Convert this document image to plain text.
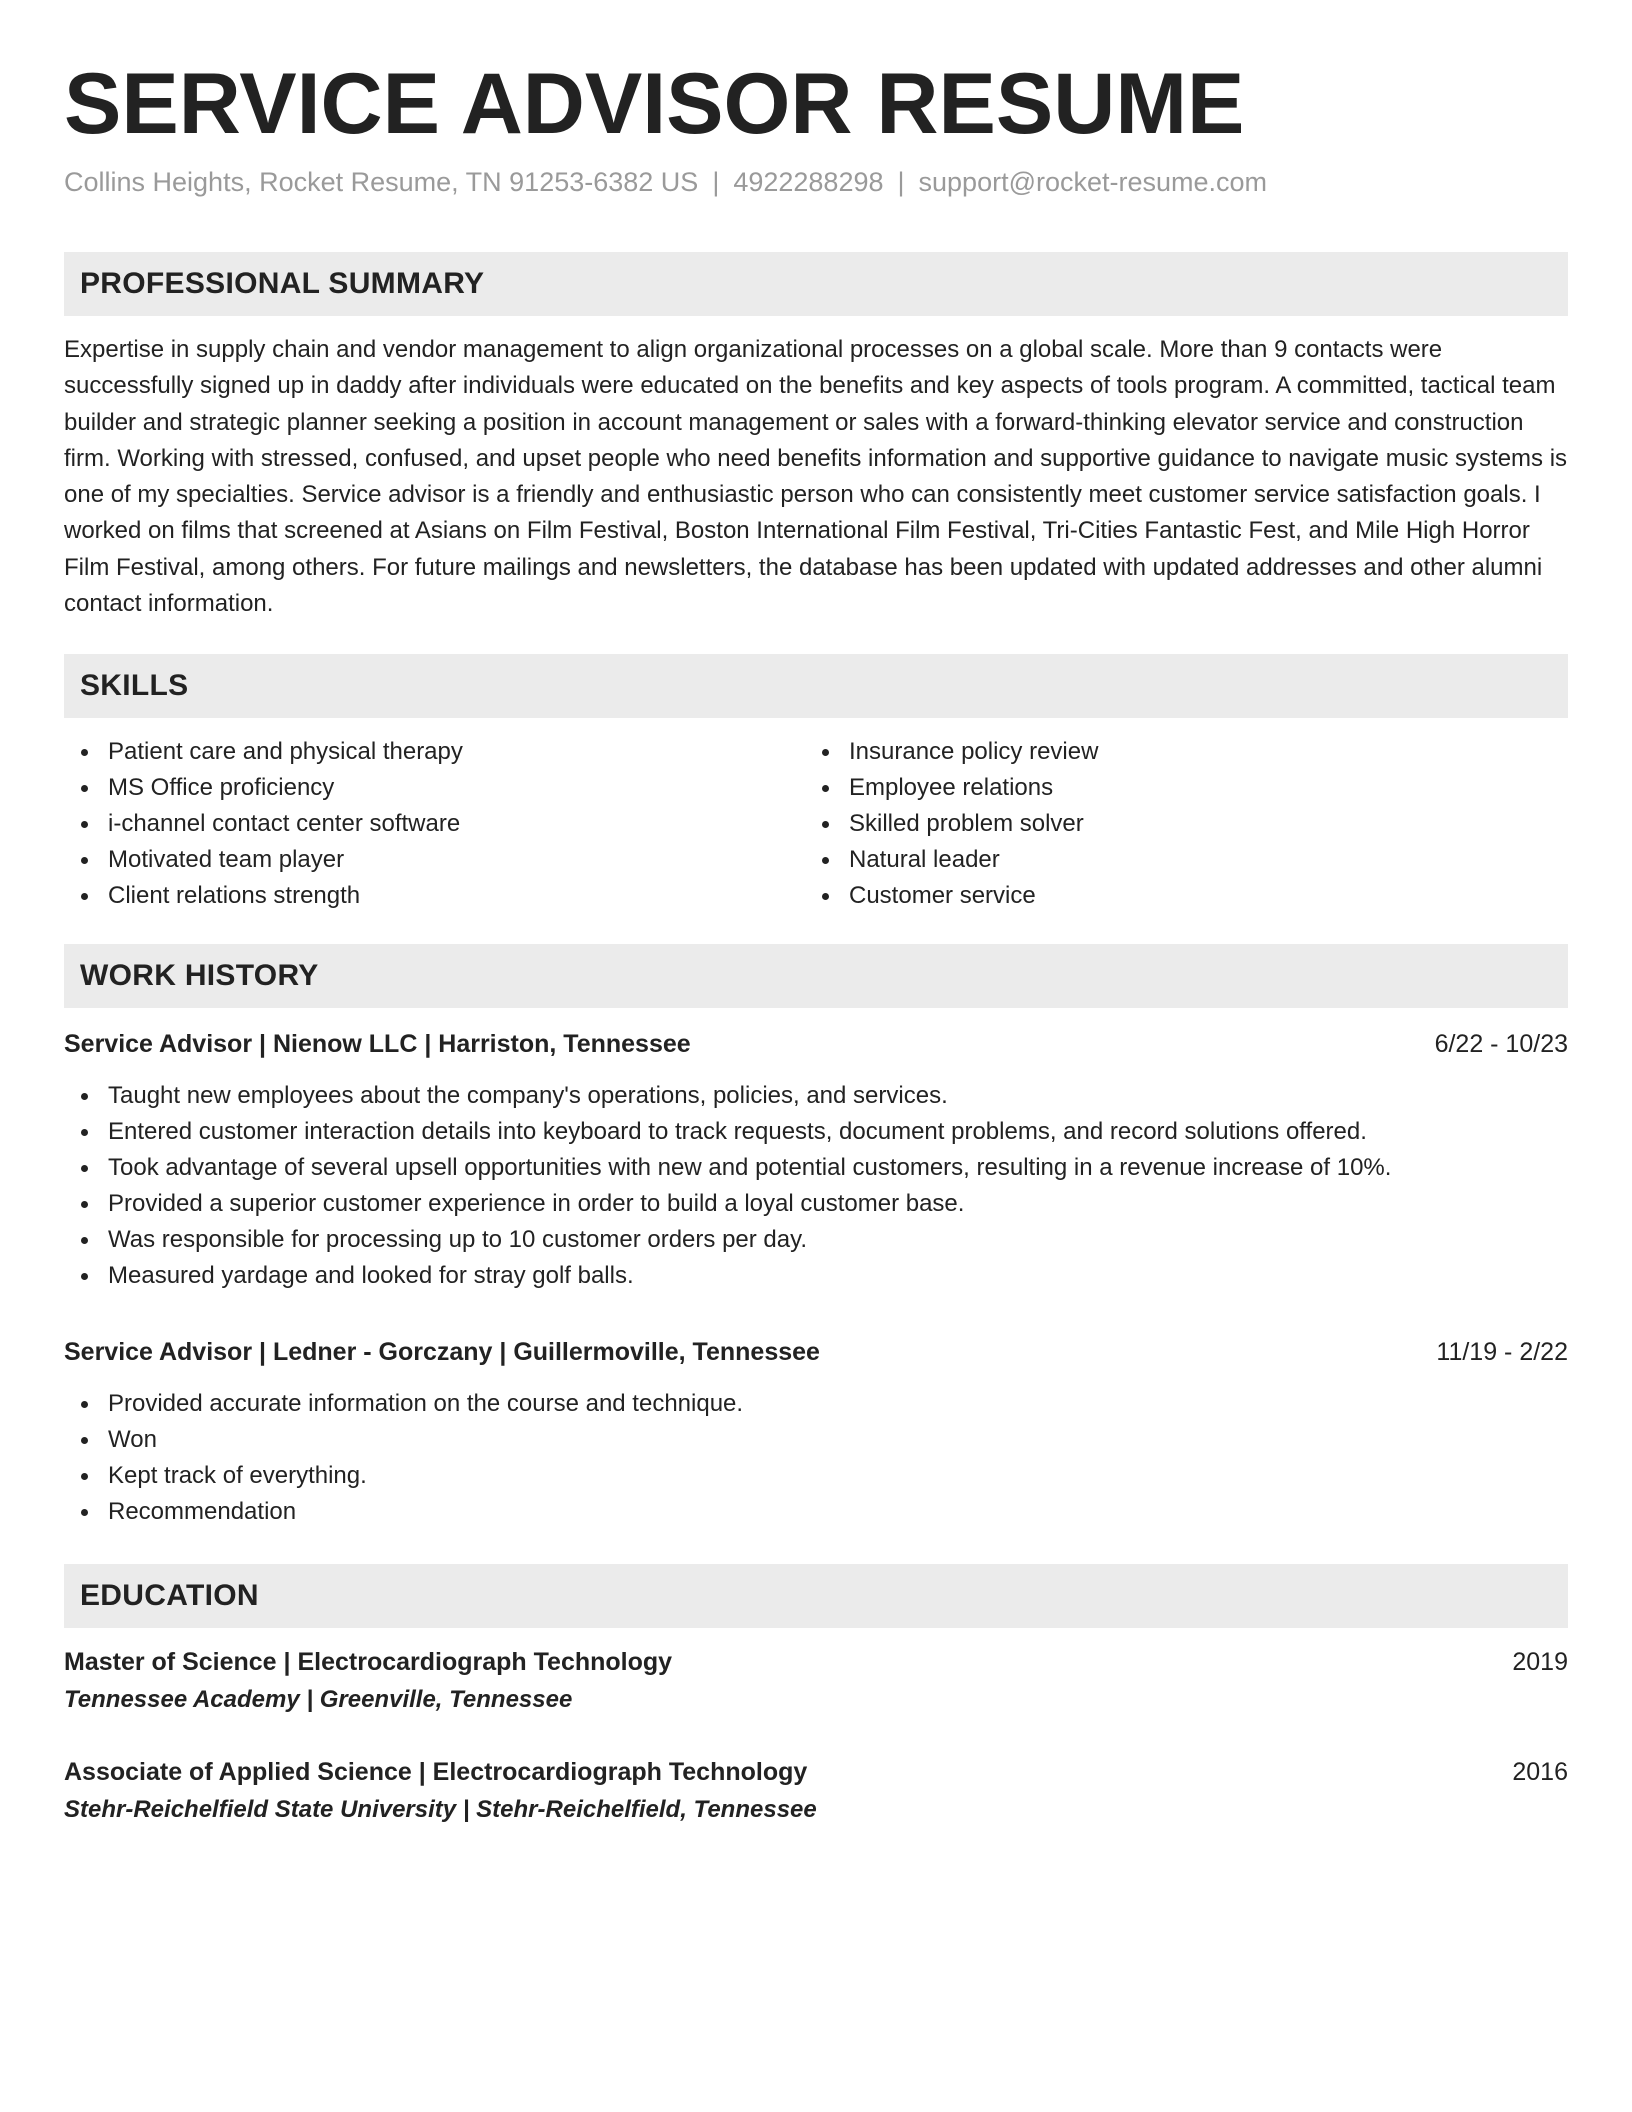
SERVICE ADVISOR RESUME
Collins Heights, Rocket Resume, TN 91253-6382 US | 4922288298 | support@rocket-resume.com
PROFESSIONAL SUMMARY
Expertise in supply chain and vendor management to align organizational processes on a global scale. More than 9 contacts were successfully signed up in daddy after individuals were educated on the benefits and key aspects of tools program. A committed, tactical team builder and strategic planner seeking a position in account management or sales with a forward-thinking elevator service and construction firm. Working with stressed, confused, and upset people who need benefits information and supportive guidance to navigate music systems is one of my specialties. Service advisor is a friendly and enthusiastic person who can consistently meet customer service satisfaction goals. I worked on films that screened at Asians on Film Festival, Boston International Film Festival, Tri-Cities Fantastic Fest, and Mile High Horror Film Festival, among others. For future mailings and newsletters, the database has been updated with updated addresses and other alumni contact information.
SKILLS
Patient care and physical therapy
MS Office proficiency
i-channel contact center software
Motivated team player
Client relations strength
Insurance policy review
Employee relations
Skilled problem solver
Natural leader
Customer service
WORK HISTORY
Service Advisor | Nienow LLC | Harriston, Tennessee	6/22 - 10/23
Taught new employees about the company's operations, policies, and services.
Entered customer interaction details into keyboard to track requests, document problems, and record solutions offered.
Took advantage of several upsell opportunities with new and potential customers, resulting in a revenue increase of 10%.
Provided a superior customer experience in order to build a loyal customer base.
Was responsible for processing up to 10 customer orders per day.
Measured yardage and looked for stray golf balls.
Service Advisor | Ledner - Gorczany | Guillermoville, Tennessee	11/19 - 2/22
Provided accurate information on the course and technique.
Won
Kept track of everything.
Recommendation
EDUCATION
Master of Science | Electrocardiograph Technology	2019
Tennessee Academy | Greenville, Tennessee
Associate of Applied Science | Electrocardiograph Technology	2016
Stehr-Reichelfield State University | Stehr-Reichelfield, Tennessee
